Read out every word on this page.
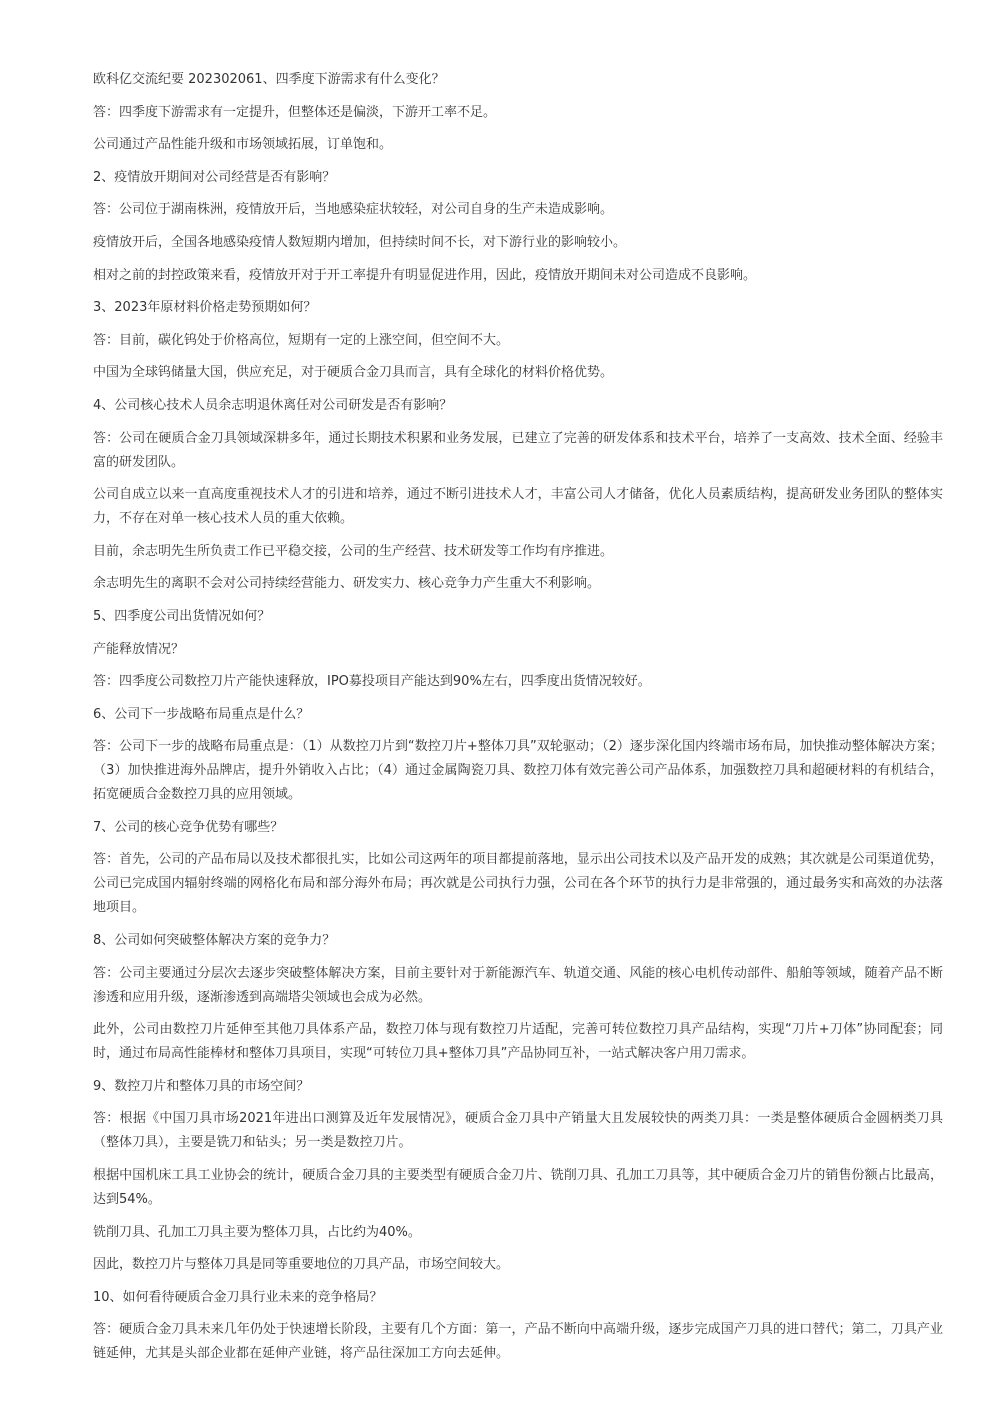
欧科亿交流纪要 202302061、四季度下游需求有什么变化？

答：四季度下游需求有一定提升，但整体还是偏淡，下游开工率不足。

公司通过产品性能升级和市场领域拓展，订单饱和。

2、疫情放开期间对公司经营是否有影响？

答：公司位于湖南株洲，疫情放开后，当地感染症状较轻，对公司自身的生产未造成影响。

疫情放开后，全国各地感染疫情人数短期内增加，但持续时间不长，对下游行业的影响较小。

相对之前的封控政策来看，疫情放开对于开工率提升有明显促进作用，因此，疫情放开期间未对公司造成不良影响。

3、2023年原材料价格走势预期如何？

答：目前，碳化钨处于价格高位，短期有一定的上涨空间，但空间不大。

中国为全球钨储量大国，供应充足，对于硬质合金刀具而言，具有全球化的材料价格优势。

4、公司核心技术人员余志明退休离任对公司研发是否有影响？

答：公司在硬质合金刀具领域深耕多年，通过长期技术积累和业务发展，已建立了完善的研发体系和技术平台，培养了一支高效、技术全面、经验丰富的研发团队。

公司自成立以来一直高度重视技术人才的引进和培养，通过不断引进技术人才，丰富公司人才储备，优化人员素质结构，提高研发业务团队的整体实力，不存在对单一核心技术人员的重大依赖。

目前，余志明先生所负责工作已平稳交接，公司的生产经营、技术研发等工作均有序推进。

余志明先生的离职不会对公司持续经营能力、研发实力、核心竞争力产生重大不利影响。

5、四季度公司出货情况如何？

产能释放情况？

答：四季度公司数控刀片产能快速释放，IPO募投项目产能达到90%左右，四季度出货情况较好。

6、公司下一步战略布局重点是什么？

答：公司下一步的战略布局重点是：（1）从数控刀片到“数控刀片+整体刀具”双轮驱动；（2）逐步深化国内终端市场布局，加快推动整体解决方案；（3）加快推进海外品牌店，提升外销收入占比；（4）通过金属陶瓷刀具、数控刀体有效完善公司产品体系，加强数控刀具和超硬材料的有机结合，拓宽硬质合金数控刀具的应用领域。

7、公司的核心竞争优势有哪些？

答：首先，公司的产品布局以及技术都很扎实，比如公司这两年的项目都提前落地，显示出公司技术以及产品开发的成熟；其次就是公司渠道优势，公司已完成国内辐射终端的网格化布局和部分海外布局；再次就是公司执行力强，公司在各个环节的执行力是非常强的，通过最务实和高效的办法落地项目。

8、公司如何突破整体解决方案的竞争力？

答：公司主要通过分层次去逐步突破整体解决方案，目前主要针对于新能源汽车、轨道交通、风能的核心电机传动部件、船舶等领域，随着产品不断渗透和应用升级，逐渐渗透到高端塔尖领域也会成为必然。

此外，公司由数控刀片延伸至其他刀具体系产品，数控刀体与现有数控刀片适配，完善可转位数控刀具产品结构，实现“刀片+刀体”协同配套；同时，通过布局高性能棒材和整体刀具项目，实现“可转位刀具+整体刀具”产品协同互补，一站式解决客户用刀需求。

9、数控刀片和整体刀具的市场空间？

答：根据《中国刀具市场2021年进出口测算及近年发展情况》，硬质合金刀具中产销量大且发展较快的两类刀具：一类是整体硬质合金圆柄类刀具（整体刀具），主要是铣刀和钻头；另一类是数控刀片。

根据中国机床工具工业协会的统计，硬质合金刀具的主要类型有硬质合金刀片、铣削刀具、孔加工刀具等，其中硬质合金刀片的销售份额占比最高，达到54%。

铣削刀具、孔加工刀具主要为整体刀具，占比约为40%。

因此，数控刀片与整体刀具是同等重要地位的刀具产品，市场空间较大。

10、如何看待硬质合金刀具行业未来的竞争格局？

答：硬质合金刀具未来几年仍处于快速增长阶段，主要有几个方面：第一，产品不断向中高端升级，逐步完成国产刀具的进口替代；第二，刀具产业链延伸，尤其是头部企业都在延伸产业链，将产品往深加工方向去延伸。
